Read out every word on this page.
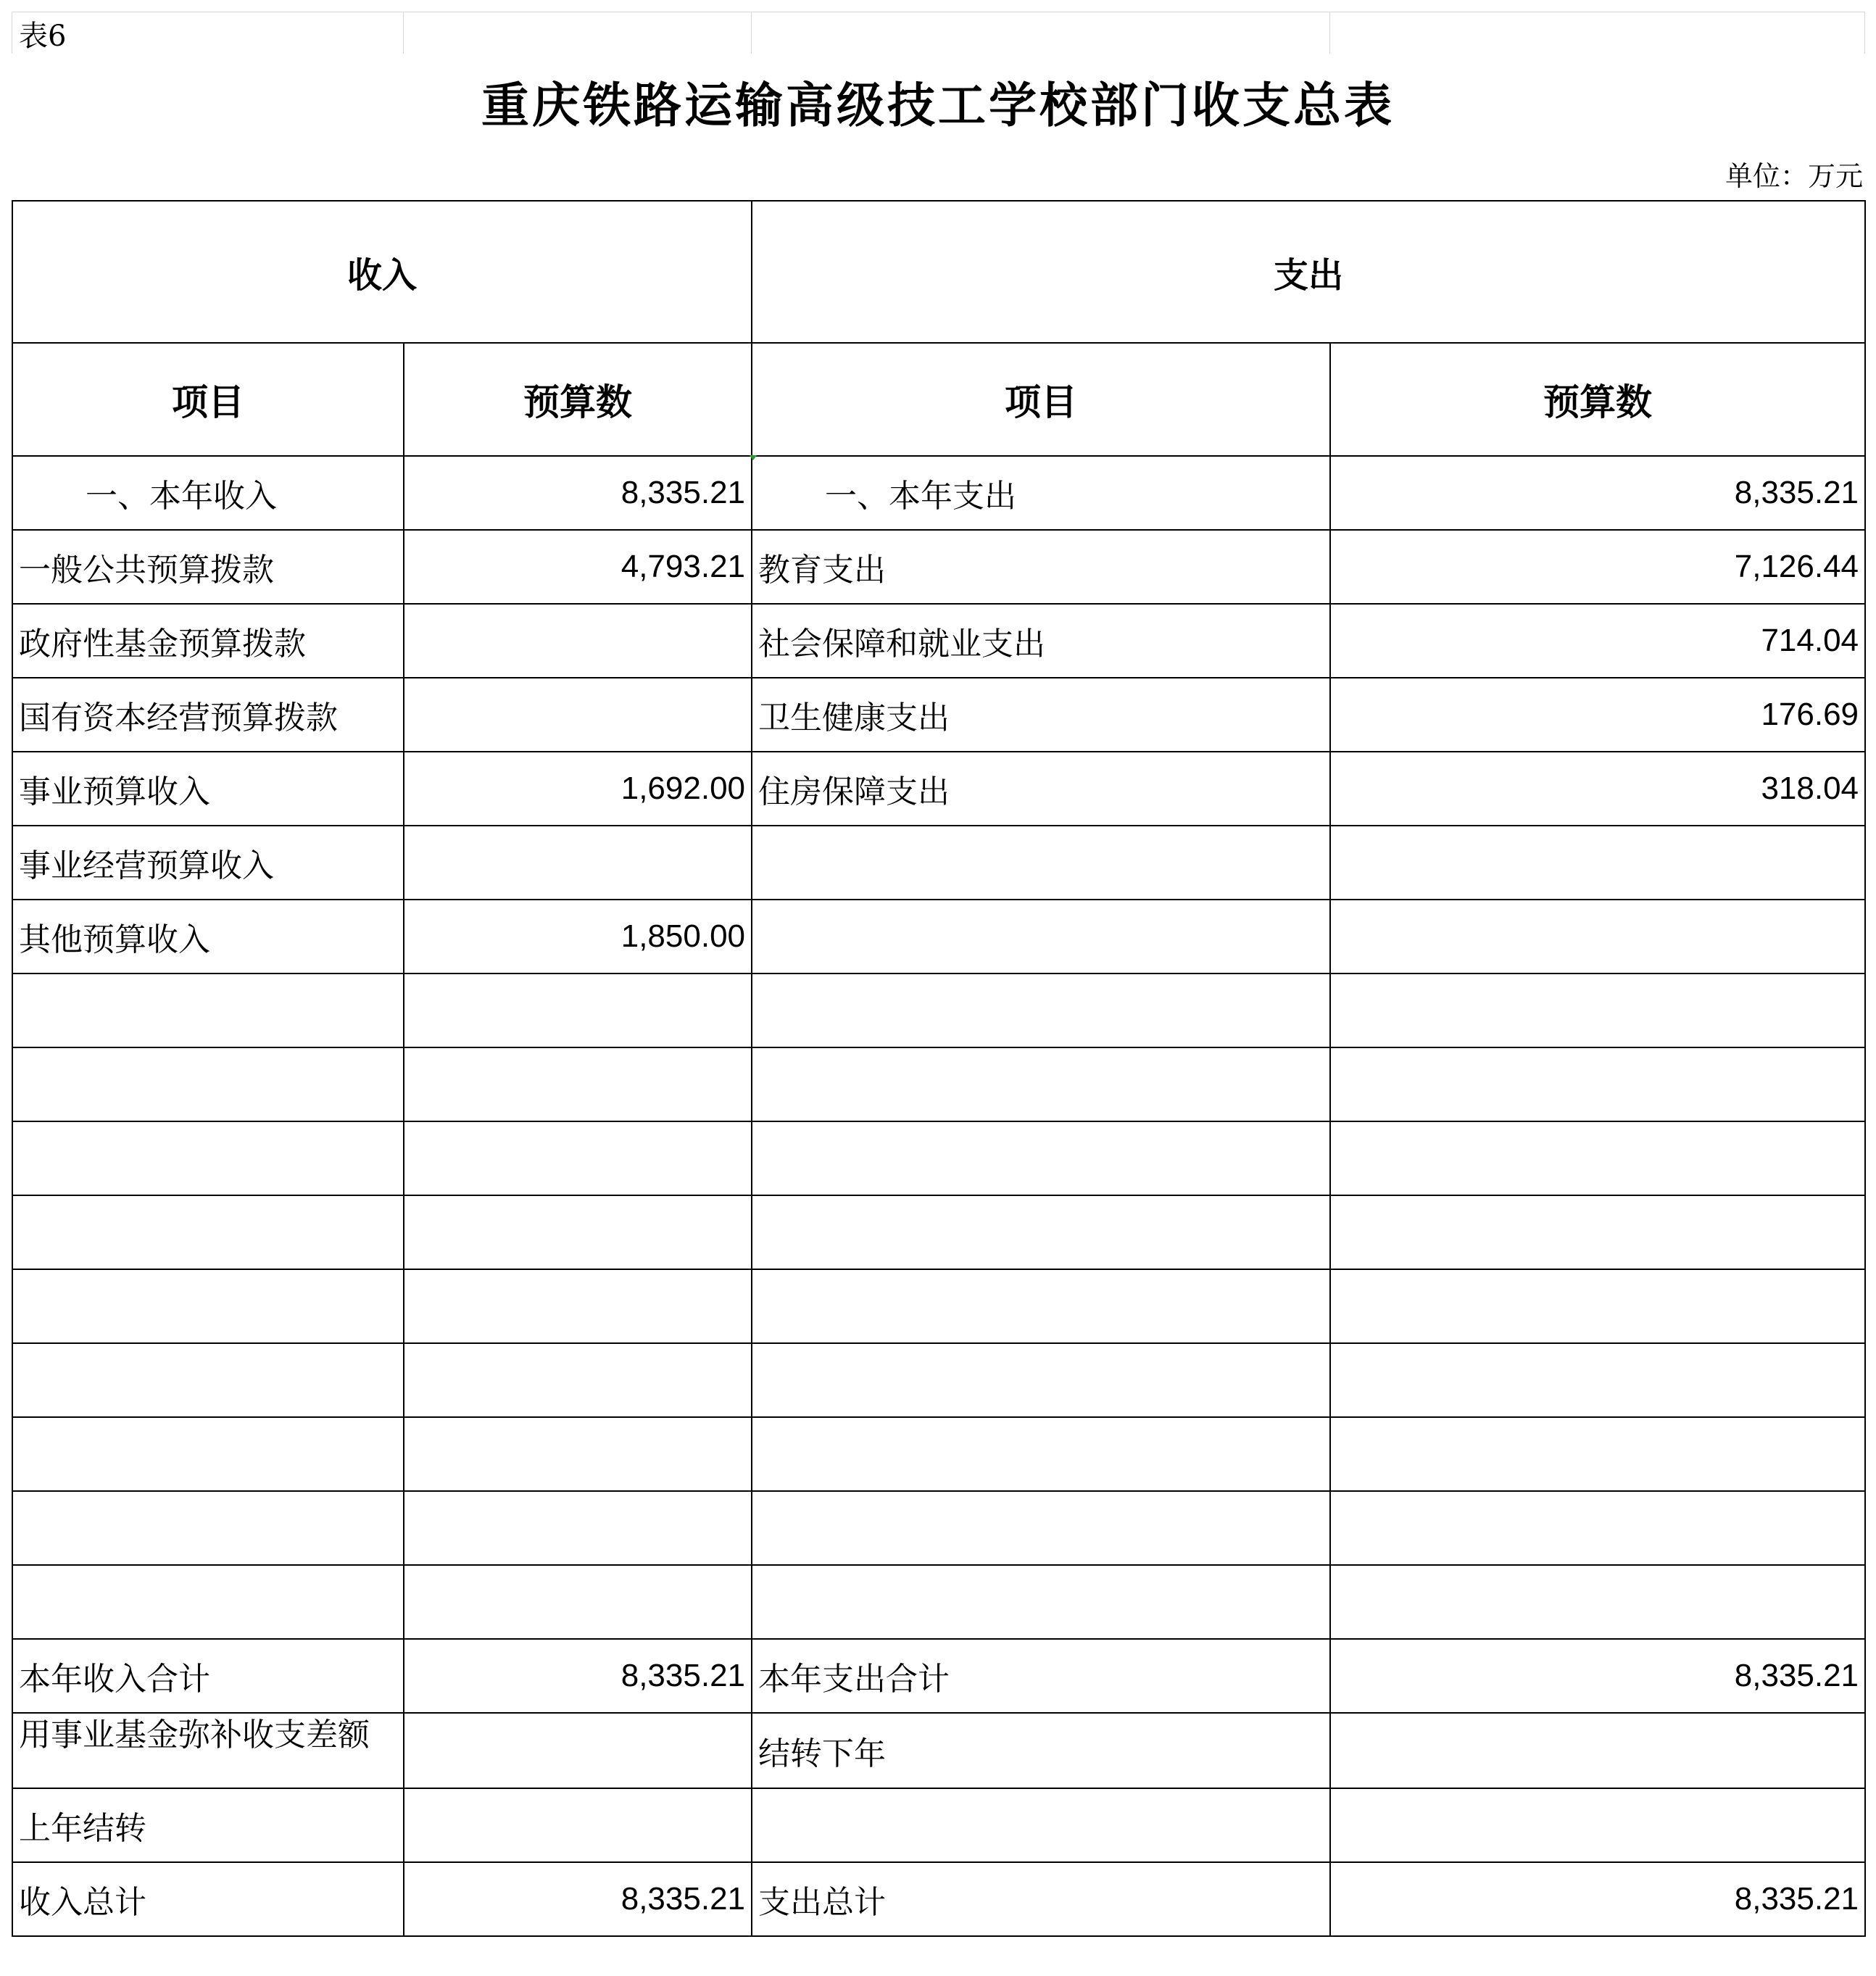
表6
重庆铁路运输高级技工学校部门收支总表
单位：万元
收入		支出	
项目	预算数	项目	预算数
一、本年收入	8,335.21	一、本年支出	8,335.21
一般公共预算拨款	4,793.21	教育支出	7,126.44
政府性基金预算拨款		社会保障和就业支出	714.04
国有资本经营预算拨款		卫生健康支出	176.69
事业预算收入	1,692.00	住房保障支出	318.04
事业经营预算收入			
其他预算收入	1,850.00		

本年收入合计	8,335.21	本年支出合计	8,335.21
用事业基金弥补收支差额		结转下年	
上年结转			
收入总计	8,335.21	支出总计	8,335.21
